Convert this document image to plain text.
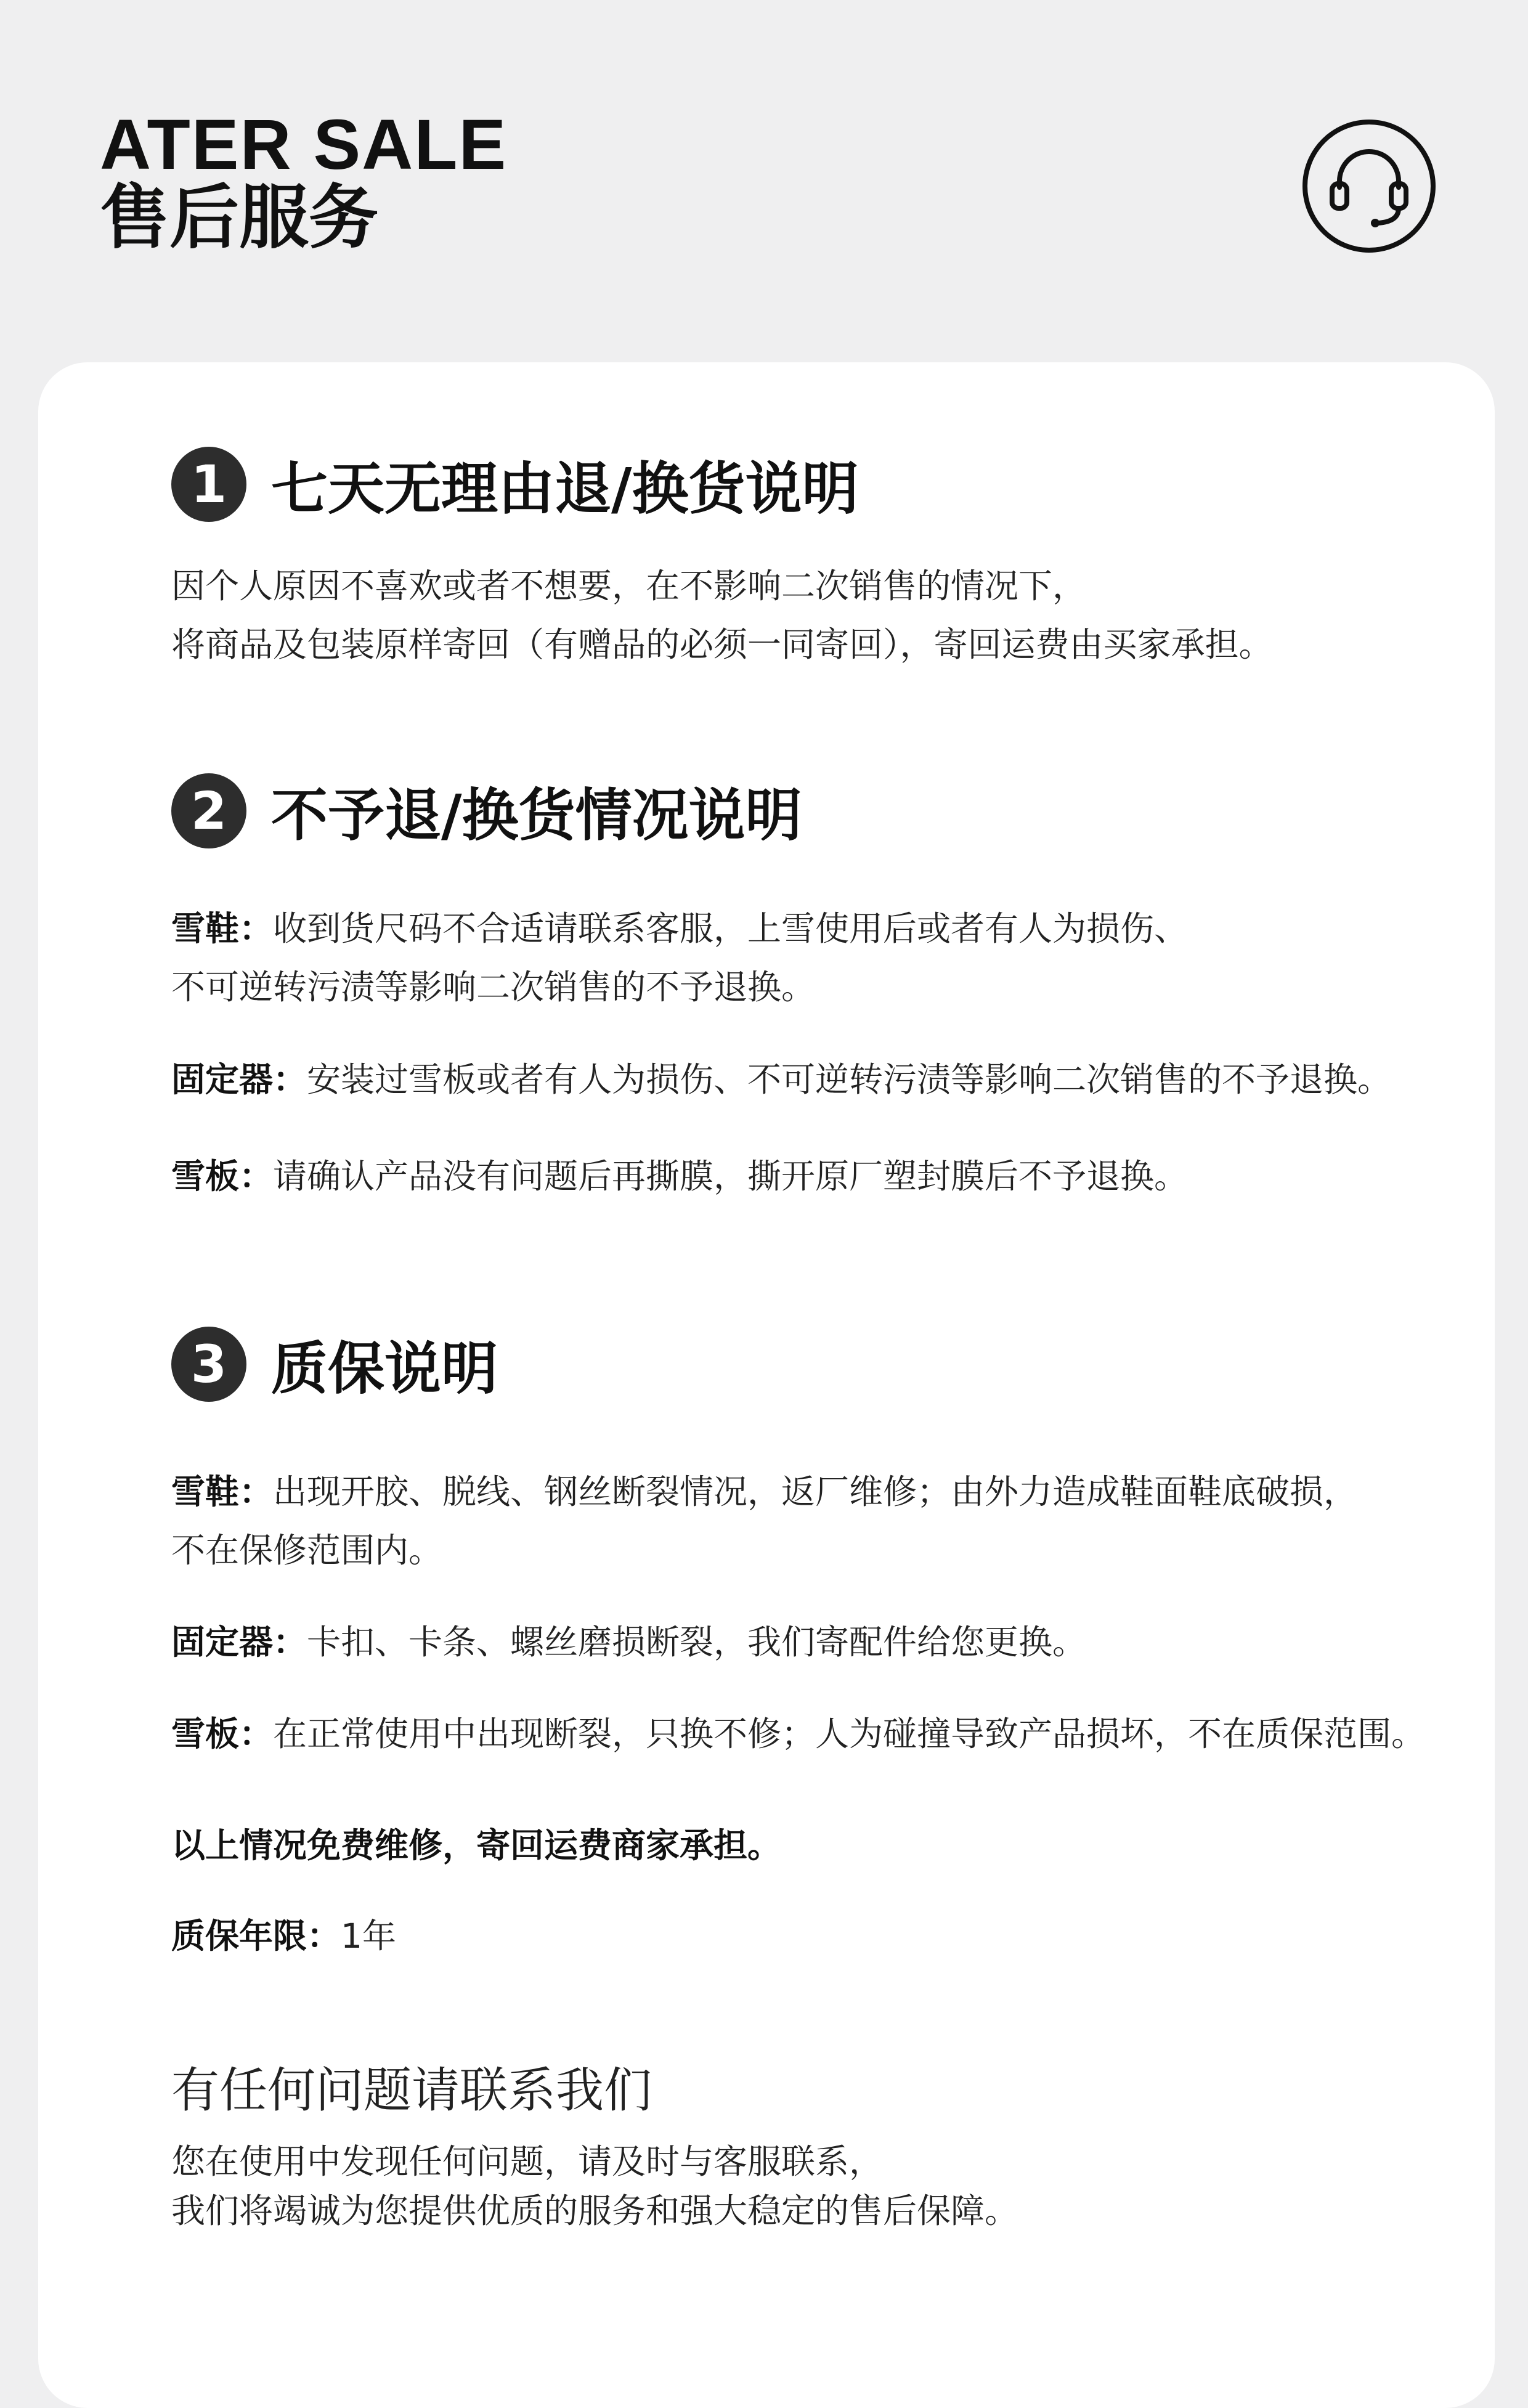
ATER SALE
售后服务
1 七天无理由退/换货说明
因个人原因不喜欢或者不想要，在不影响二次销售的情况下，
将商品及包装原样寄回（有赠品的必须一同寄回），寄回运费由买家承担。
2 不予退/换货情况说明
雪鞋：收到货尺码不合适请联系客服，上雪使用后或者有人为损伤、
不可逆转污渍等影响二次销售的不予退换。
固定器：安装过雪板或者有人为损伤、不可逆转污渍等影响二次销售的不予退换。
雪板：请确认产品没有问题后再撕膜，撕开原厂塑封膜后不予退换。
3 质保说明
雪鞋：出现开胶、脱线、钢丝断裂情况，返厂维修；由外力造成鞋面鞋底破损，
不在保修范围内。
固定器：卡扣、卡条、螺丝磨损断裂，我们寄配件给您更换。
雪板：在正常使用中出现断裂，只换不修；人为碰撞导致产品损坏，不在质保范围。
以上情况免费维修，寄回运费商家承担。
质保年限：1年
有任何问题请联系我们
您在使用中发现任何问题，请及时与客服联系，
我们将竭诚为您提供优质的服务和强大稳定的售后保障。
